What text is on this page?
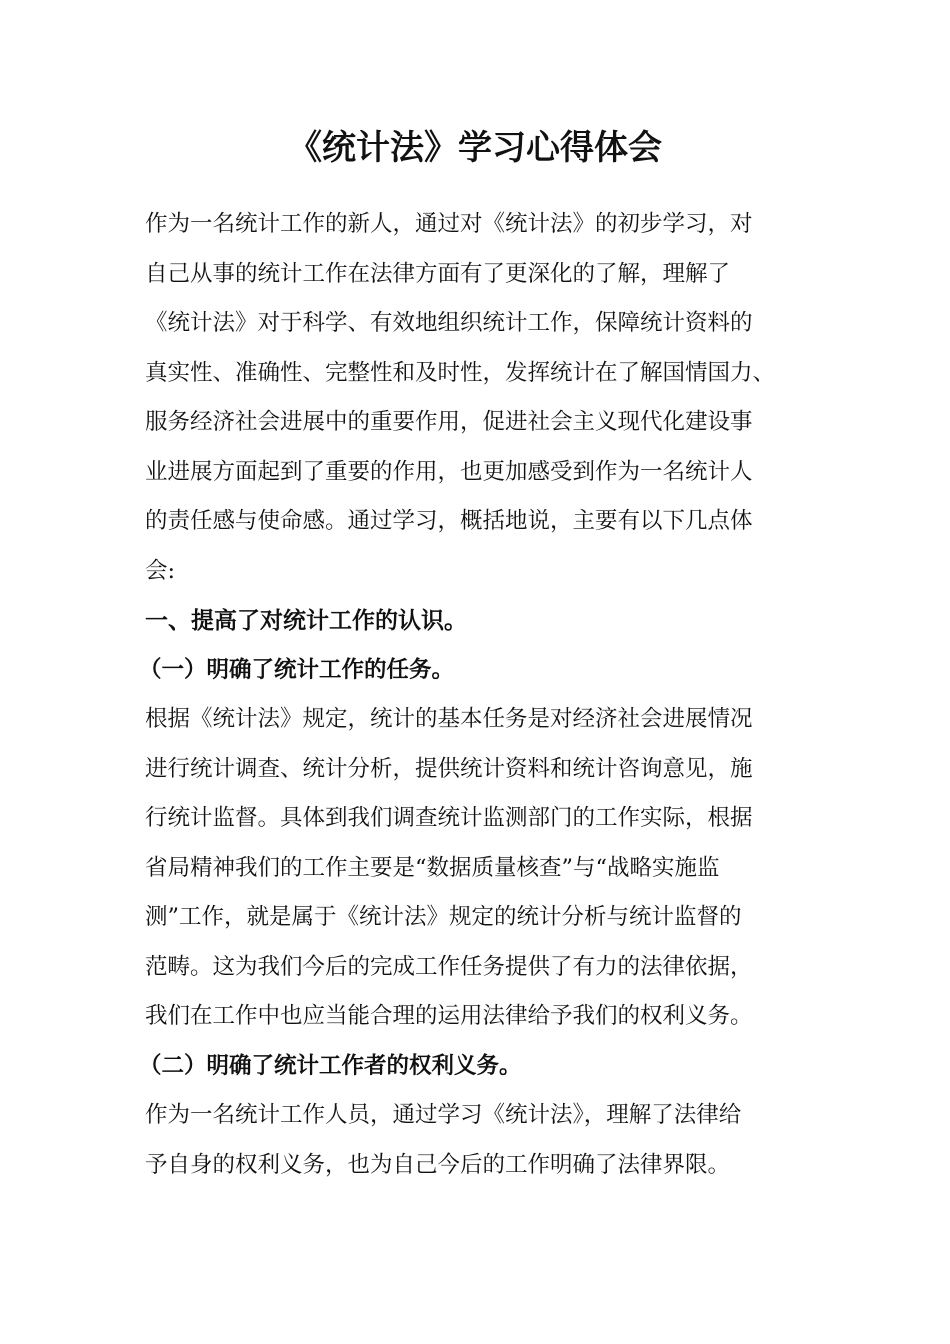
《统计法》学习心得体会
作为一名统计工作的新人，通过对《统计法》的初步学习，对
自己从事的统计工作在法律方面有了更深化的了解，理解了
《统计法》对于科学、有效地组织统计工作，保障统计资料的
真实性、准确性、完整性和及时性，发挥统计在了解国情国力、
服务经济社会进展中的重要作用，促进社会主义现代化建设事
业进展方面起到了重要的作用，也更加感受到作为一名统计人
的责任感与使命感。通过学习，概括地说，主要有以下几点体
会:
一、提高了对统计工作的认识。
（一）明确了统计工作的任务。
根据《统计法》规定，统计的基本任务是对经济社会进展情况
进行统计调查、统计分析，提供统计资料和统计咨询意见，施
行统计监督。具体到我们调查统计监测部门的工作实际，根据
省局精神我们的工作主要是“数据质量核查”与“战略实施监
测”工作，就是属于《统计法》规定的统计分析与统计监督的
范畴。这为我们今后的完成工作任务提供了有力的法律依据，
我们在工作中也应当能合理的运用法律给予我们的权利义务。
（二）明确了统计工作者的权利义务。
作为一名统计工作人员，通过学习《统计法》，理解了法律给
予自身的权利义务，也为自己今后的工作明确了法律界限。
